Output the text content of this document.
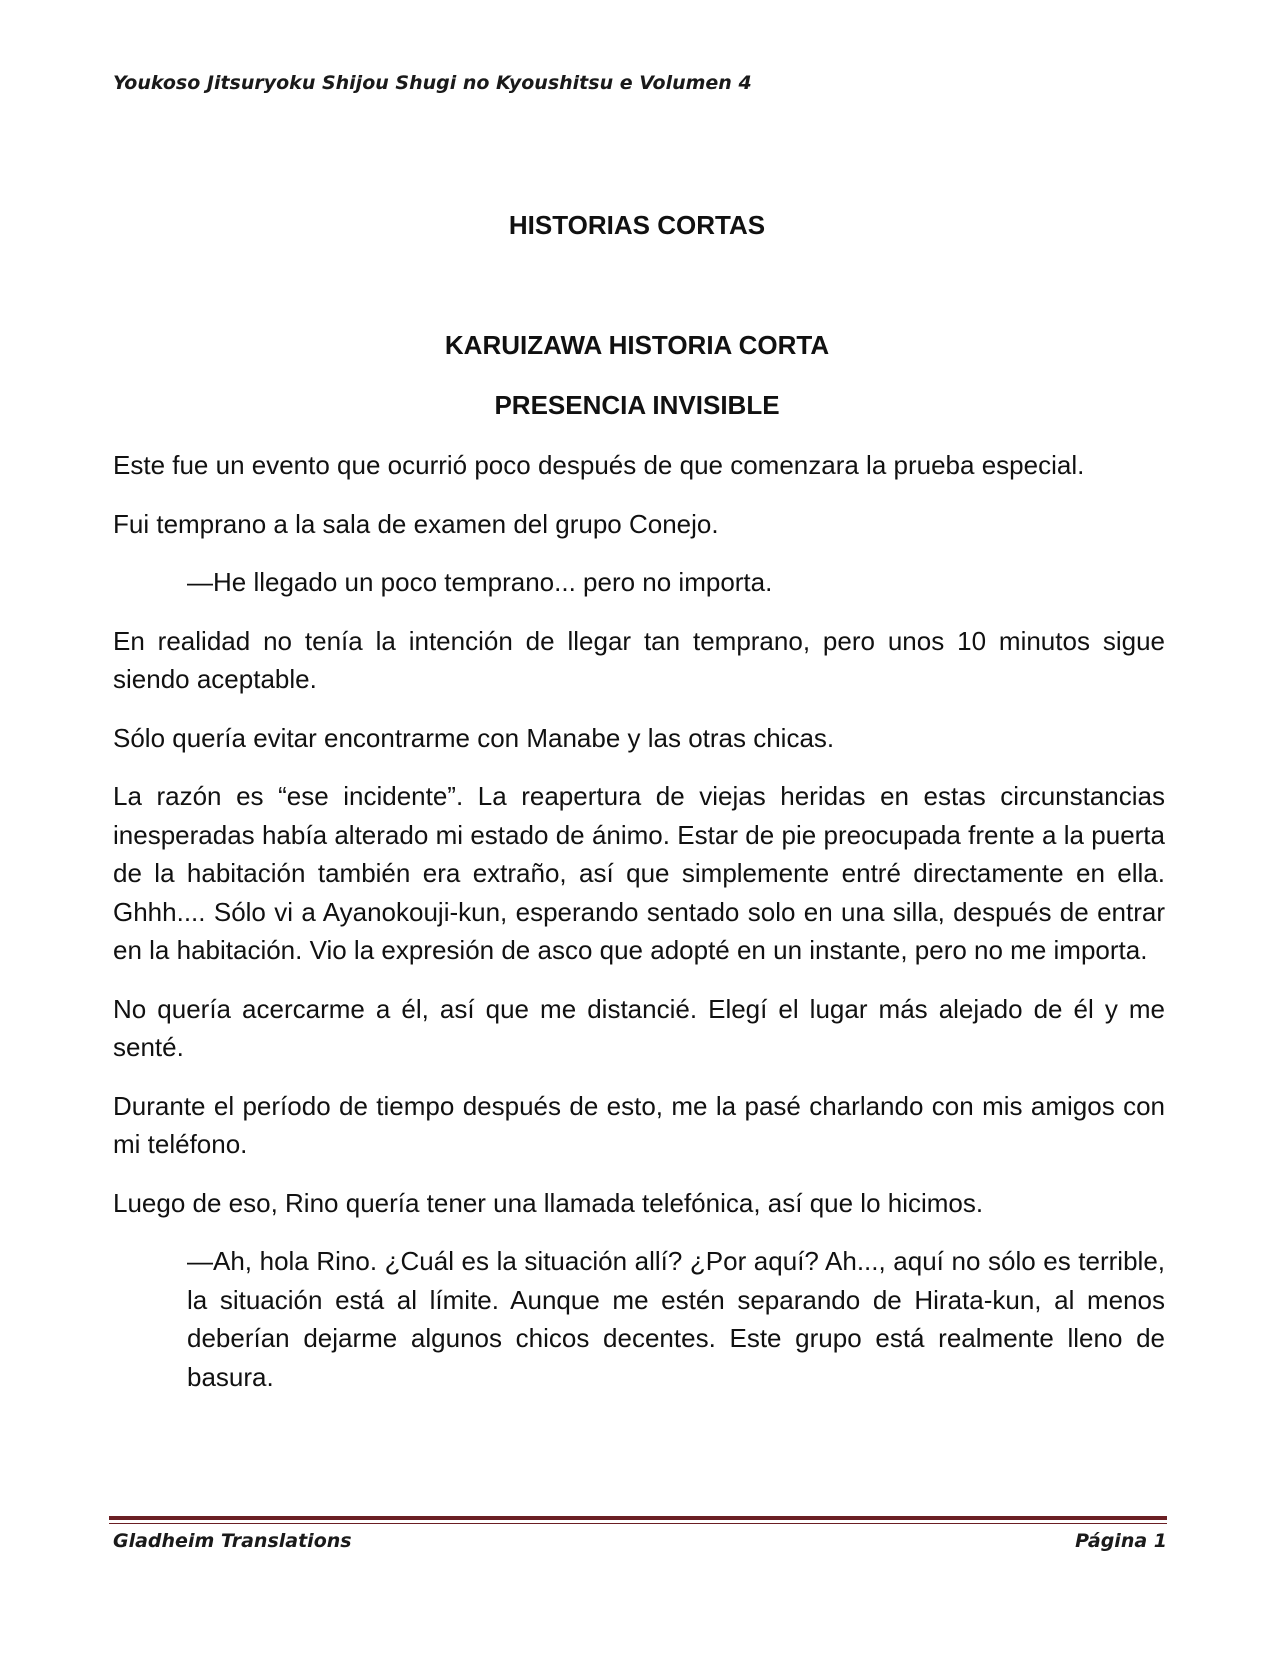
Youkoso Jitsuryoku Shijou Shugi no Kyoushitsu e Volumen 4
HISTORIAS CORTAS
KARUIZAWA HISTORIA CORTA
PRESENCIA INVISIBLE

Este fue un evento que ocurrió poco después de que comenzara la prueba especial.

Fui temprano a la sala de examen del grupo Conejo.

—He llegado un poco temprano... pero no importa.

En realidad no tenía la intención de llegar tan temprano, pero unos 10 minutos sigue siendo aceptable.

Sólo quería evitar encontrarme con Manabe y las otras chicas.

La razón es “ese incidente”. La reapertura de viejas heridas en estas circunstancias inesperadas había alterado mi estado de ánimo. Estar de pie preocupada frente a la puerta de la habitación también era extraño, así que simplemente entré directamente en ella. Ghhh.... Sólo vi a Ayanokouji-kun, esperando sentado solo en una silla, después de entrar en la habitación. Vio la expresión de asco que adopté en un instante, pero no me importa.

No quería acercarme a él, así que me distancié. Elegí el lugar más alejado de él y me senté.

Durante el período de tiempo después de esto, me la pasé charlando con mis amigos con mi teléfono.

Luego de eso, Rino quería tener una llamada telefónica, así que lo hicimos.

—Ah, hola Rino. ¿Cuál es la situación allí? ¿Por aquí? Ah..., aquí no sólo es terrible, la situación está al límite. Aunque me estén separando de Hirata-kun, al menos deberían dejarme algunos chicos decentes. Este grupo está realmente lleno de basura.

Gladheim Translations	Página 1
